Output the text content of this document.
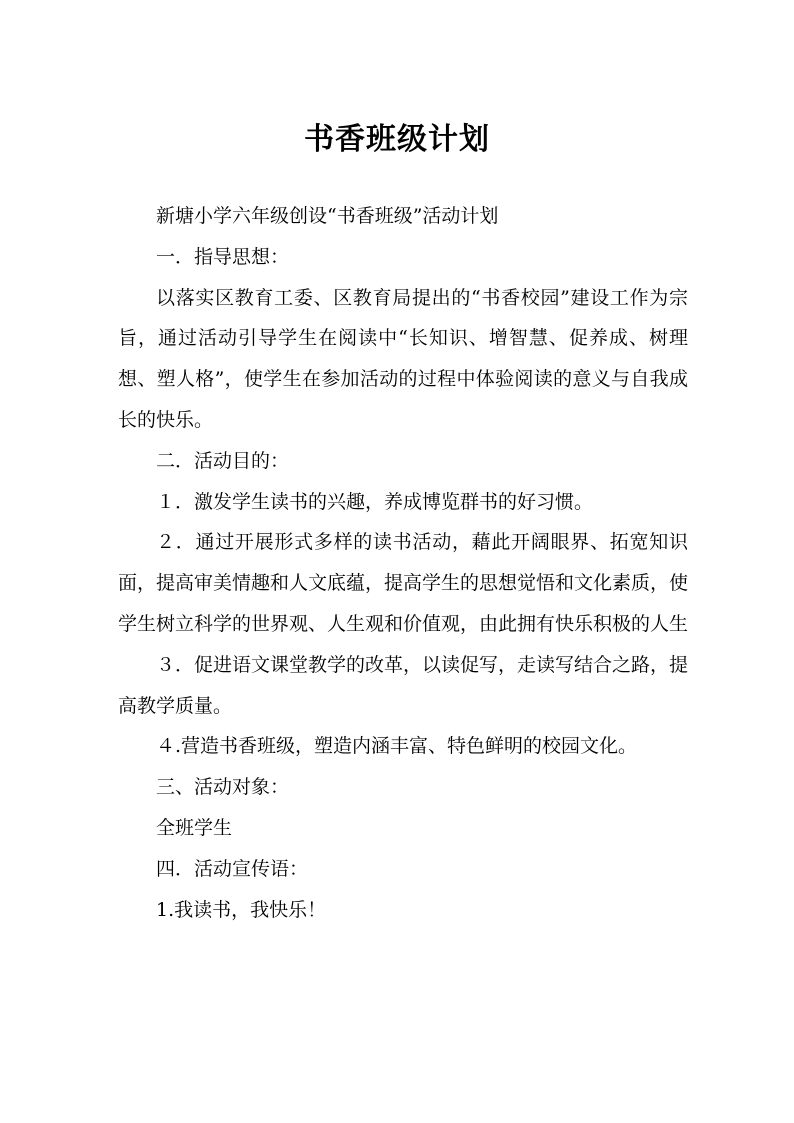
书香班级计划

新塘小学六年级创设“书香班级”活动计划

一．指导思想：

以落实区教育工委、区教育局提出的“书香校园”建设工作为宗旨，通过活动引导学生在阅读中“长知识、增智慧、促养成、树理想、塑人格”，使学生在参加活动的过程中体验阅读的意义与自我成长的快乐。

二．活动目的：

１．激发学生读书的兴趣，养成博览群书的好习惯。

２．通过开展形式多样的读书活动，藉此开阔眼界、拓宽知识面，提高审美情趣和人文底蕴，提高学生的思想觉悟和文化素质，使学生树立科学的世界观、人生观和价值观，由此拥有快乐积极的人生

３．促进语文课堂教学的改革，以读促写，走读写结合之路，提高教学质量。

４.营造书香班级，塑造内涵丰富、特色鲜明的校园文化。

三、活动对象：

全班学生

四．活动宣传语：

1.我读书，我快乐！
